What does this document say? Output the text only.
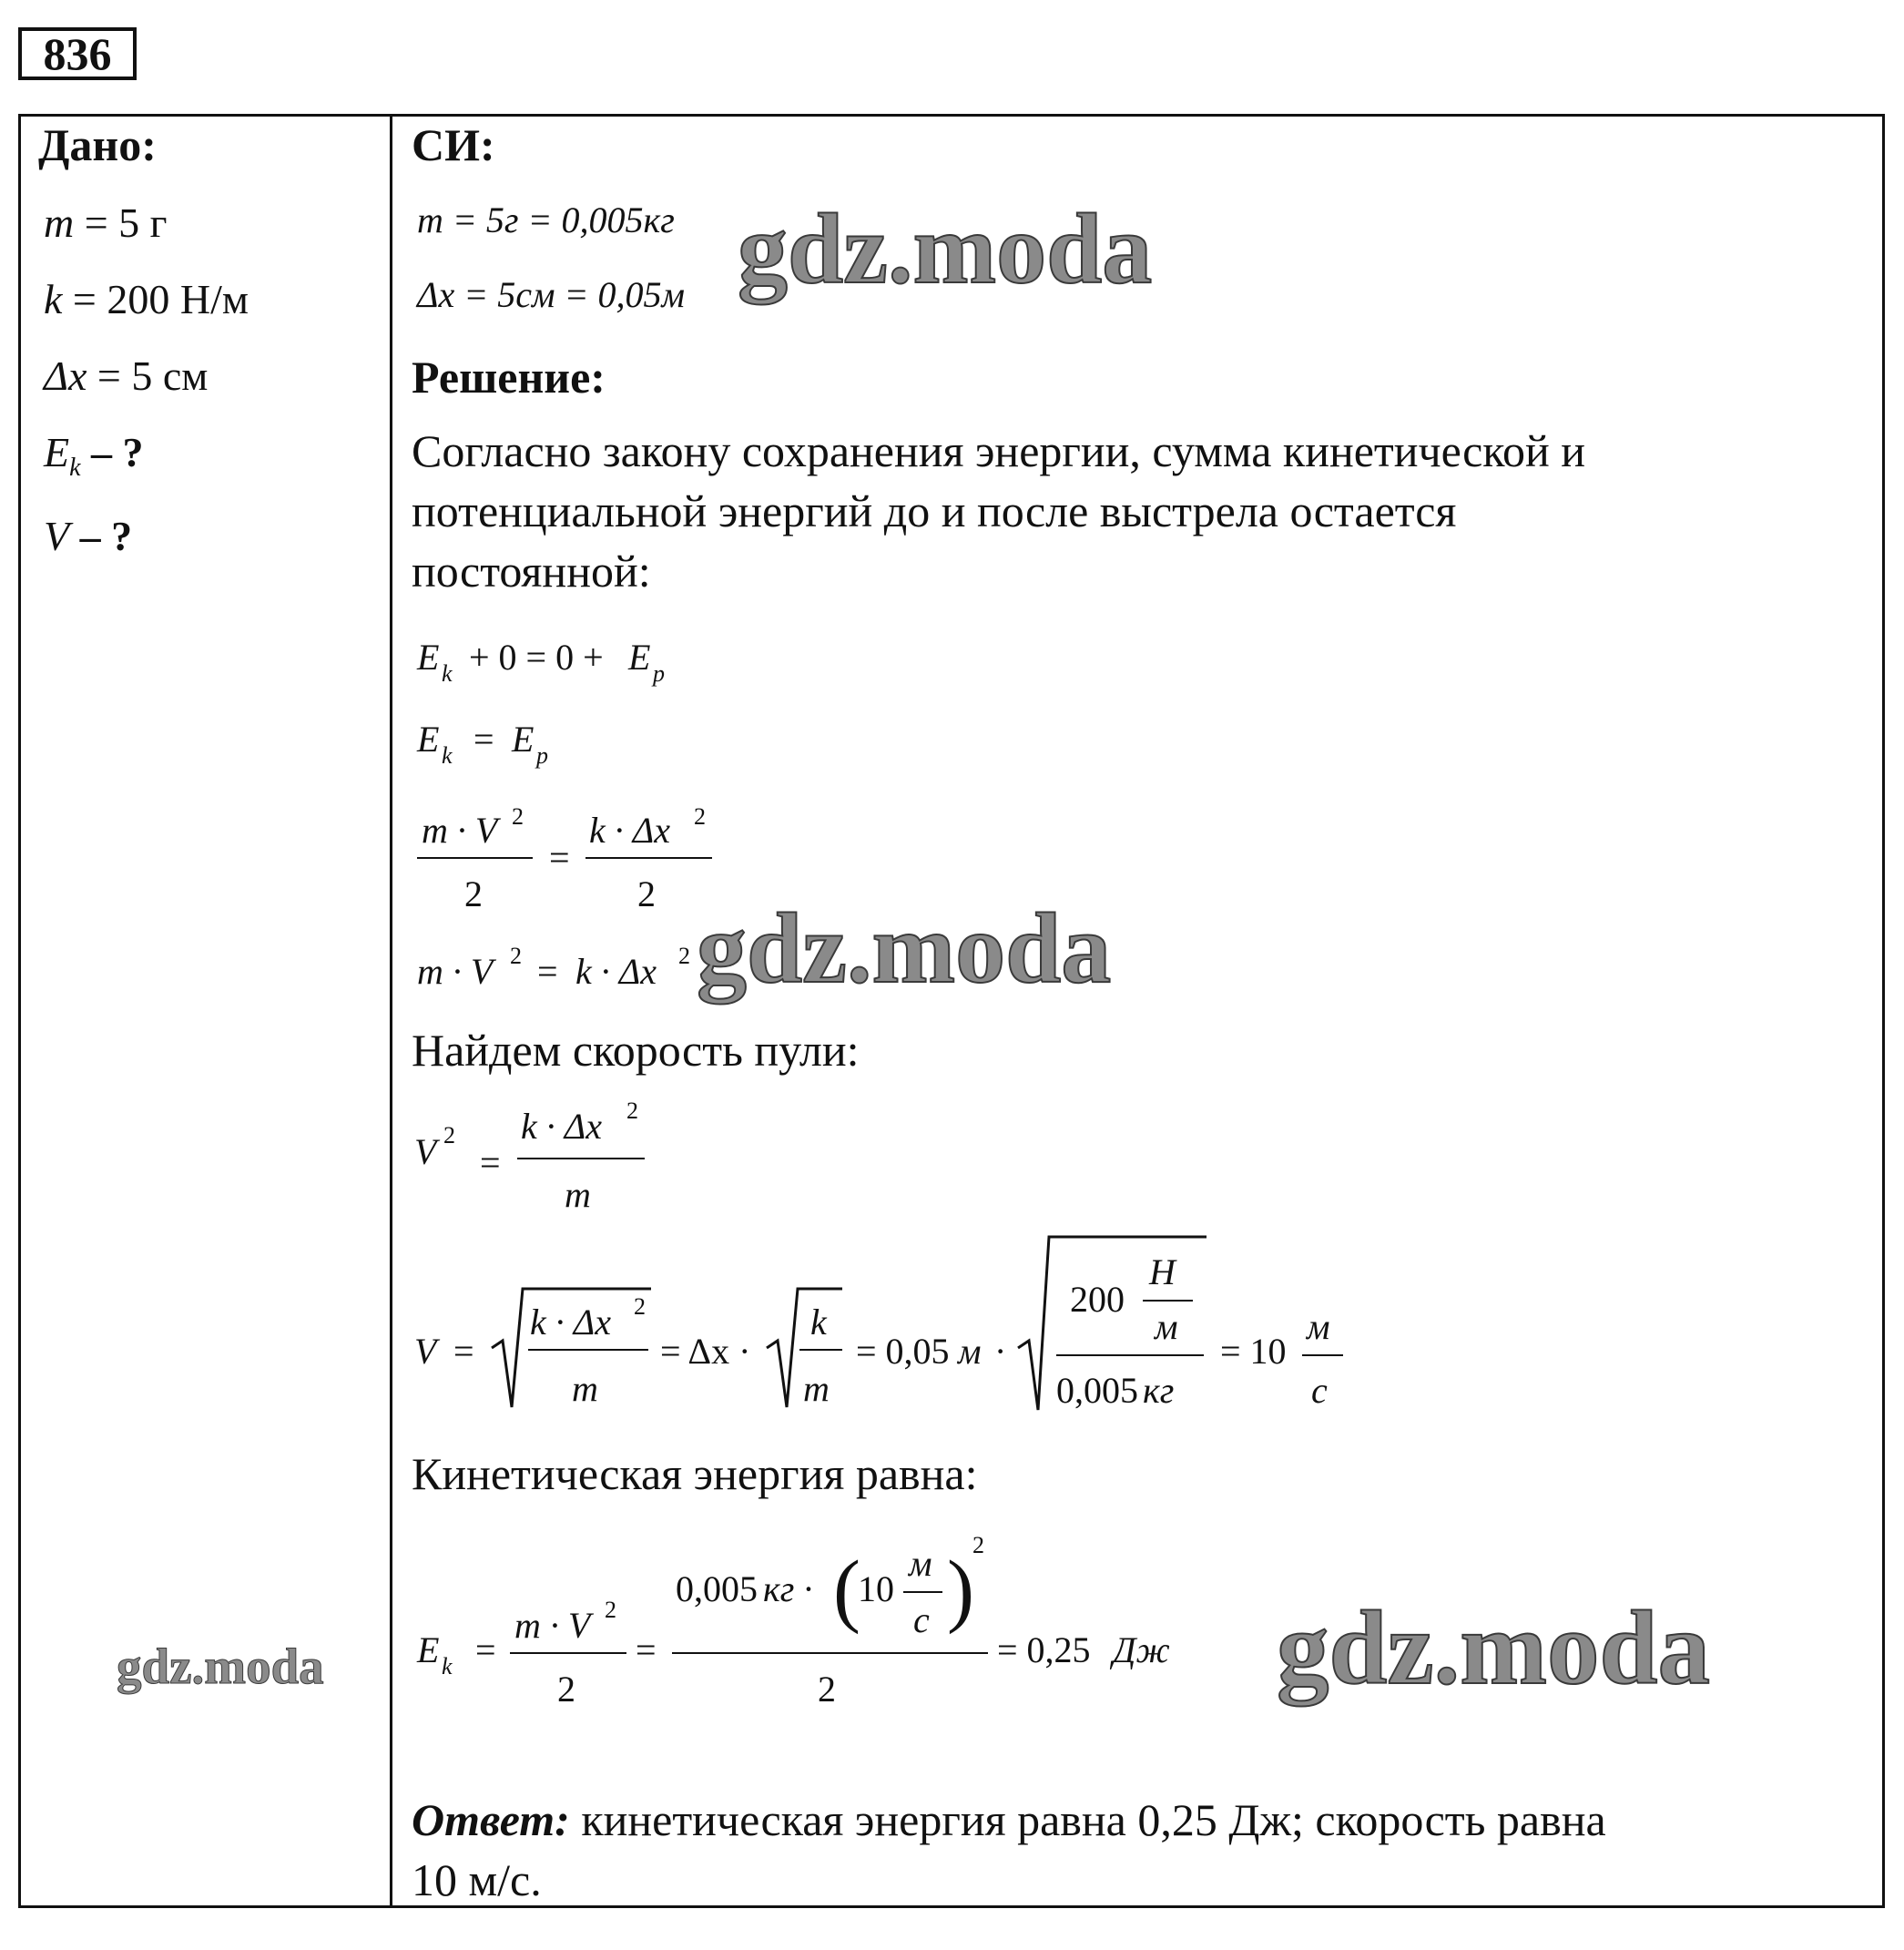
836
Дано:
m = 5 г
k = 200 Н/м
Δx = 5 см
$E_k$ – ?
V – ?
СИ:
m = 5г = 0,005кг
Δx = 5см = 0,05м
Решение:
Согласно закону сохранения энергии, сумма кинетической и
потенциальной энергий до и после выстрела остается
постоянной:
E k + 0 = 0 + E p
E k = E p
m · V 2
2
=
k · Δx 2
2
m · V 2 = k · Δx 2
V 2
=
k · Δx 2
m
V =
k · Δx 2
m
= Δx ·
k
m
= 0,05 м ·
200
Н
м
0,005 кг
= 10
м
с
E k =
m · V 2
2
=
0,005 кг · (
10
м
с )
2
2
= 0,25 Дж
gdz.moda
gdz.moda
gdz.moda
gdz.moda
Найдем скорость пули:
Кинетическая энергия равна:
Ответ: кинетическая энергия равна 0,25 Дж; скорость равна
10 м/с.
